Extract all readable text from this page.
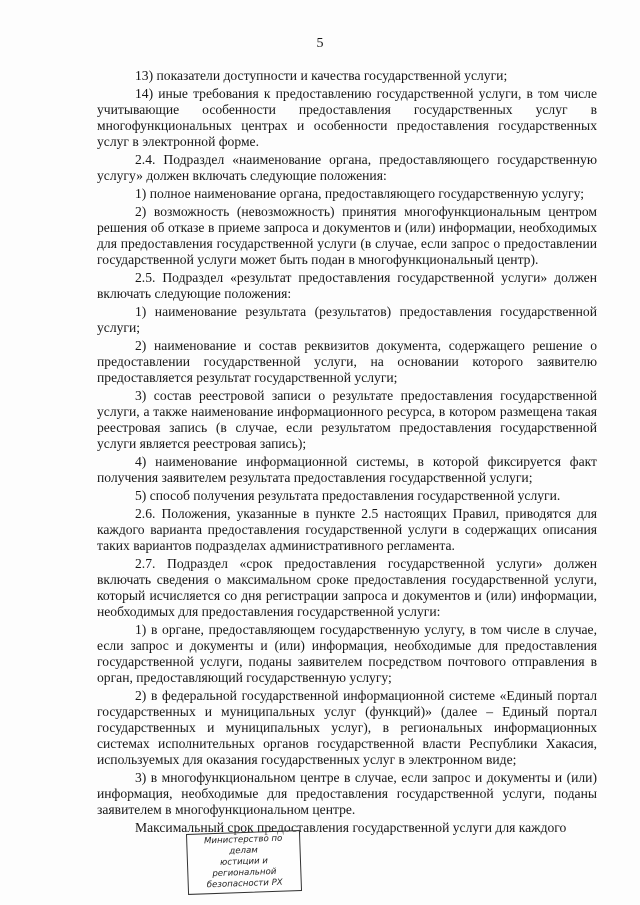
5

13) показатели доступности и качества государственной услуги;

14) иные требования к предоставлению государственной услуги, в том числе учитывающие особенности предоставления государственных услуг в многофункциональных центрах и особенности предоставления государственных услуг в электронной форме.

2.4. Подраздел «наименование органа, предоставляющего государственную услугу» должен включать следующие положения:

1) полное наименование органа, предоставляющего государственную услугу;

2) возможность (невозможность) принятия многофункциональным центром решения об отказе в приеме запроса и документов и (или) информации, необходимых для предоставления государственной услуги (в случае, если запрос о предоставлении государственной услуги может быть подан в многофункциональный центр).

2.5. Подраздел «результат предоставления государственной услуги» должен включать следующие положения:

1) наименование результата (результатов) предоставления государственной услуги;

2) наименование и состав реквизитов документа, содержащего решение о предоставлении государственной услуги, на основании которого заявителю предоставляется результат государственной услуги;

3) состав реестровой записи о результате предоставления государственной услуги, а также наименование информационного ресурса, в котором размещена такая реестровая запись (в случае, если результатом предоставления государственной услуги является реестровая запись);

4) наименование информационной системы, в которой фиксируется факт получения заявителем результата предоставления государственной услуги;

5) способ получения результата предоставления государственной услуги.

2.6. Положения, указанные в пункте 2.5 настоящих Правил, приводятся для каждого варианта предоставления государственной услуги в содержащих описания таких вариантов подразделах административного регламента.

2.7. Подраздел «срок предоставления государственной услуги» должен включать сведения о максимальном сроке предоставления государственной услуги, который исчисляется со дня регистрации запроса и документов и (или) информации, необходимых для предоставления государственной услуги:

1) в органе, предоставляющем государственную услугу, в том числе в случае, если запрос и документы и (или) информация, необходимые для предоставления государственной услуги, поданы заявителем посредством почтового отправления в орган, предоставляющий государственную услугу;

2) в федеральной государственной информационной системе «Единый портал государственных и муниципальных услуг (функций)» (далее – Единый портал государственных и муниципальных услуг), в региональных информационных системах исполнительных органов государственной власти Республики Хакасия, используемых для оказания государственных услуг в электронном виде;

3) в многофункциональном центре в случае, если запрос и документы и (или) информация, необходимые для предоставления государственной услуги, поданы заявителем в многофункциональном центре.

Максимальный срок предоставления государственной услуги для каждого

Министерство по делам
юстиции и региональной
безопасности РХ
